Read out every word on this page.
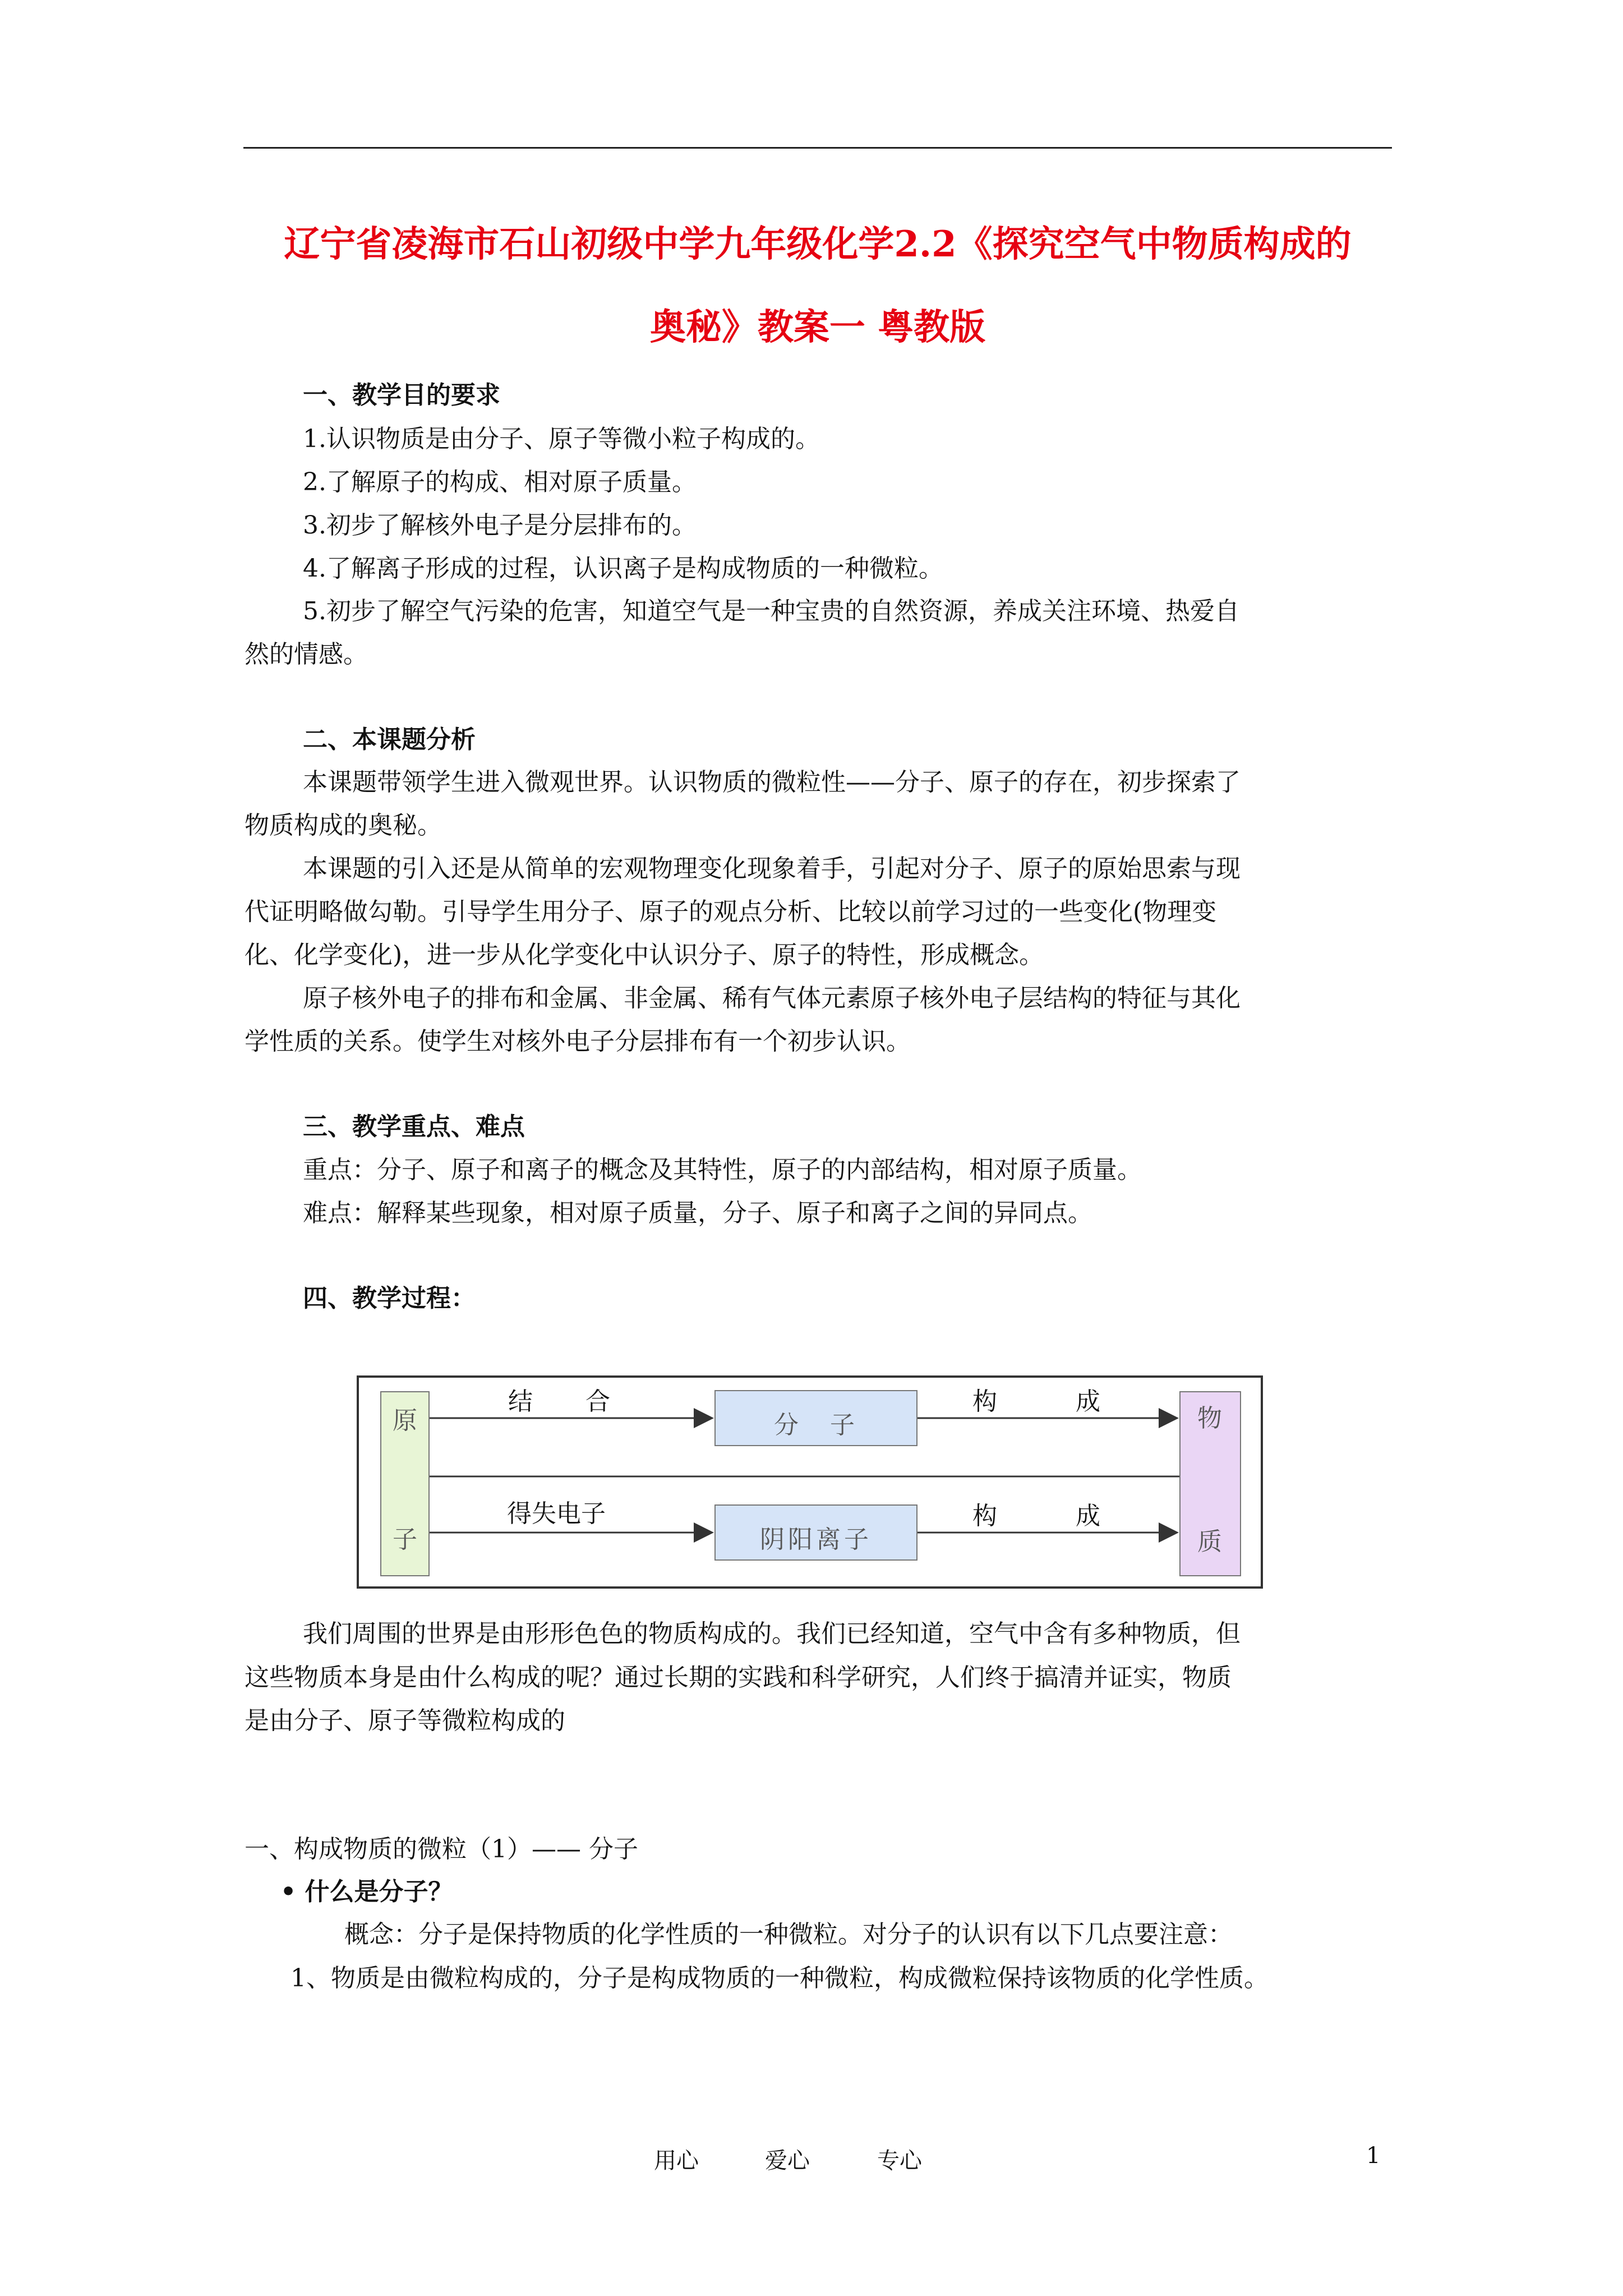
辽宁省凌海市石山初级中学九年级化学2.2《探究空气中物质构成的
奥秘》教案一 粤教版
一、教学目的要求
1.认识物质是由分子、原子等微小粒子构成的。
2.了解原子的构成、相对原子质量。
3.初步了解核外电子是分层排布的。
4.了解离子形成的过程，认识离子是构成物质的一种微粒。
5.初步了解空气污染的危害，知道空气是一种宝贵的自然资源，养成关注环境、热爱自
然的情感。
二、本课题分析
本课题带领学生进入微观世界。认识物质的微粒性——分子、原子的存在，初步探索了
物质构成的奥秘。
本课题的引入还是从简单的宏观物理变化现象着手，引起对分子、原子的原始思索与现
代证明略做勾勒。引导学生用分子、原子的观点分析、比较以前学习过的一些变化(物理变
化、化学变化)，进一步从化学变化中认识分子、原子的特性，形成概念。
原子核外电子的排布和金属、非金属、稀有气体元素原子核外电子层结构的特征与其化
学性质的关系。使学生对核外电子分层排布有一个初步认识。
三、教学重点、难点
重点：分子、原子和离子的概念及其特性，原子的内部结构，相对原子质量。
难点：解释某些现象，相对原子质量，分子、原子和离子之间的异同点。
四、教学过程：
原
子
分　子
阴阳离子
物
质
结 合	构	成
得失电子	构	成
我们周围的世界是由形形色色的物质构成的。我们已经知道，空气中含有多种物质，但
这些物质本身是由什么构成的呢？通过长期的实践和科学研究，人们终于搞清并证实，物质
是由分子、原子等微粒构成的
一、构成物质的微粒（1）—— 分子
• 什么是分子？
概念：分子是保持物质的化学性质的一种微粒。对分子的认识有以下几点要注意：
1、物质是由微粒构成的，分子是构成物质的一种微粒，构成微粒保持该物质的化学性质。
用心	爱心	专心	1
